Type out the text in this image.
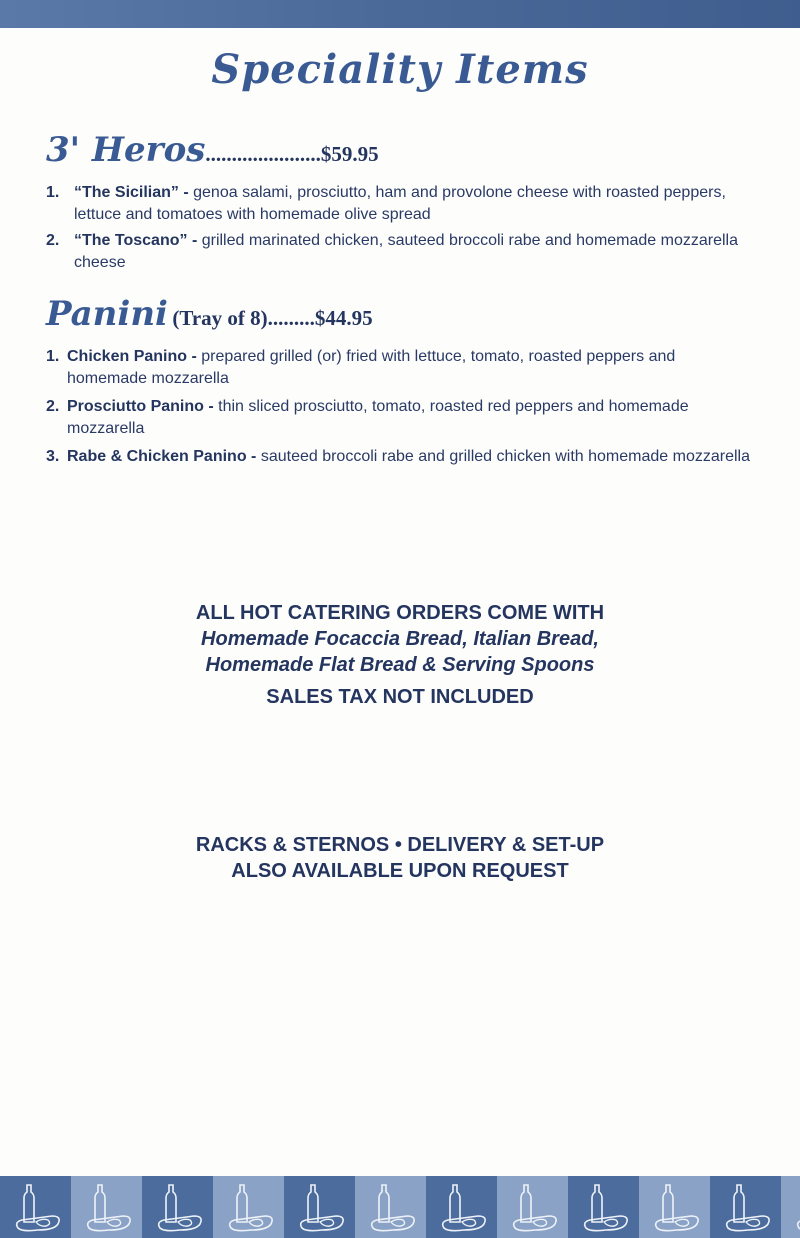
Speciality Items
3' Heros......................$59.95
1. “The Sicilian” - genoa salami, prosciutto, ham and provolone cheese with roasted peppers, lettuce and tomatoes with homemade olive spread
2. “The Toscano” - grilled marinated chicken, sauteed broccoli rabe and homemade mozzarella cheese
Panini (Tray of 8).........$44.95
1. Chicken Panino - prepared grilled (or) fried with lettuce, tomato, roasted peppers and homemade mozzarella
2. Prosciutto Panino - thin sliced prosciutto, tomato, roasted red peppers and homemade mozzarella
3. Rabe & Chicken Panino - sauteed broccoli rabe and grilled chicken with homemade mozzarella
ALL HOT CATERING ORDERS COME WITH
Homemade Focaccia Bread, Italian Bread,
Homemade Flat Bread & Serving Spoons
SALES TAX NOT INCLUDED
RACKS & STERNOS • DELIVERY & SET-UP
ALSO AVAILABLE UPON REQUEST
